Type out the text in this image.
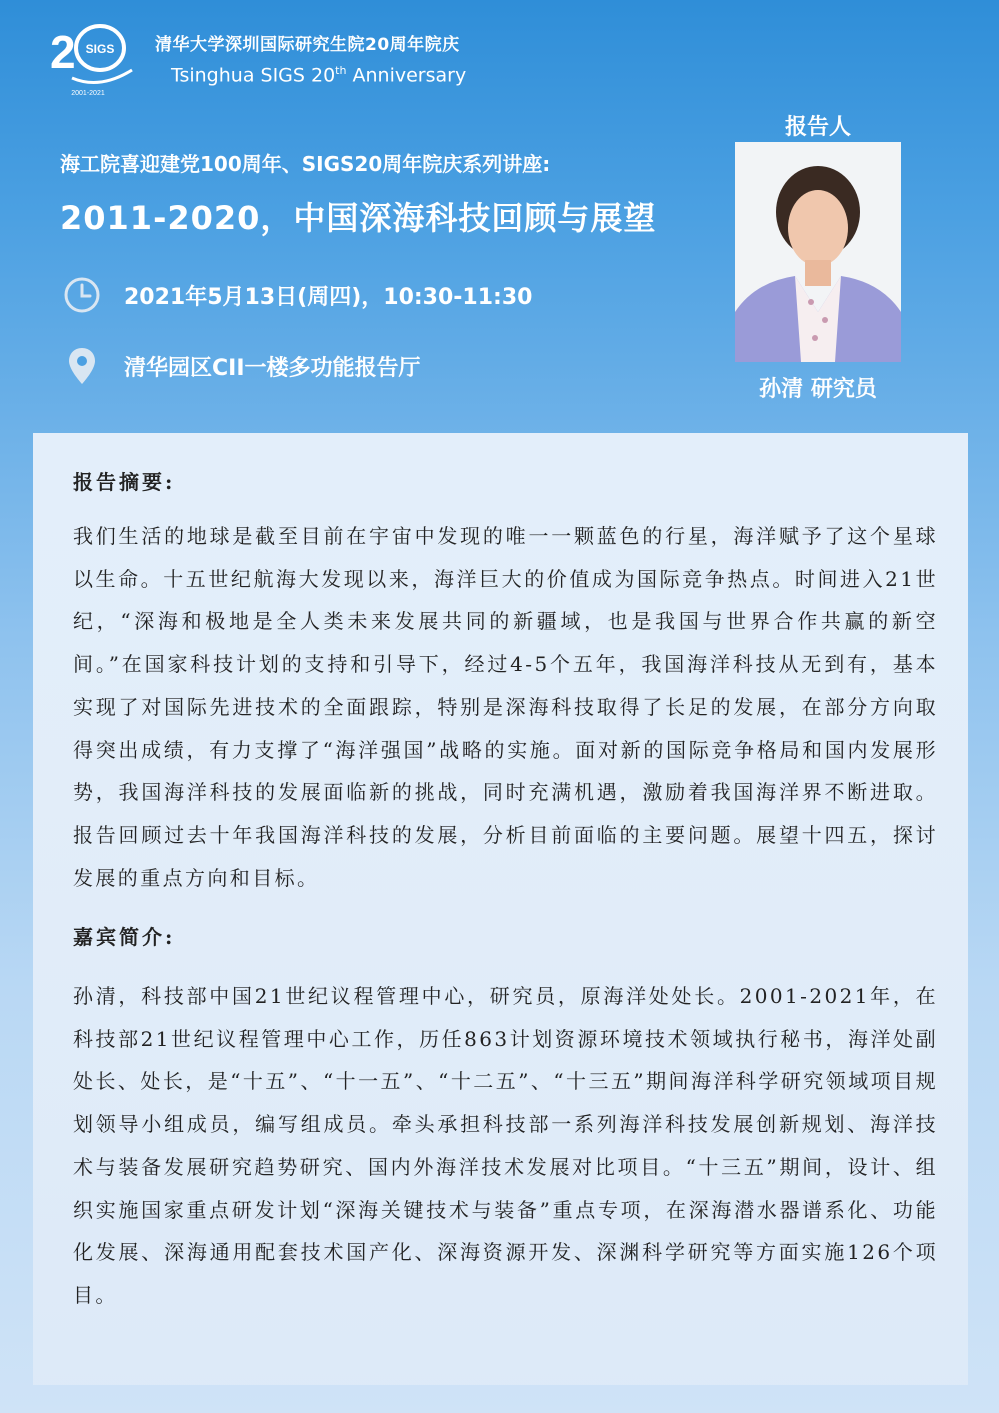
2 SIGS
2001-2021
清华大学深圳国际研究生院20周年院庆
Tsinghua SIGS 20th Anniversary
海工院喜迎建党100周年、SIGS20周年院庆系列讲座:
2011-2020，中国深海科技回顾与展望
2021年5月13日(周四)，10:30-11:30
清华园区CII一楼多功能报告厅
报告人
孙清 研究员
报告摘要:

我们生活的地球是截至目前在宇宙中发现的唯一一颗蓝色的行星，海洋赋予了这个星球以生命。十五世纪航海大发现以来，海洋巨大的价值成为国际竞争热点。时间进入21世纪，“深海和极地是全人类未来发展共同的新疆域，也是我国与世界合作共赢的新空间。”在国家科技计划的支持和引导下，经过4-5个五年，我国海洋科技从无到有，基本实现了对国际先进技术的全面跟踪，特别是深海科技取得了长足的发展，在部分方向取得突出成绩，有力支撑了“海洋强国”战略的实施。面对新的国际竞争格局和国内发展形势，我国海洋科技的发展面临新的挑战，同时充满机遇，激励着我国海洋界不断进取。报告回顾过去十年我国海洋科技的发展，分析目前面临的主要问题。展望十四五，探讨发展的重点方向和目标。

嘉宾简介:

孙清，科技部中国21世纪议程管理中心，研究员，原海洋处处长。2001-2021年，在科技部21世纪议程管理中心工作，历任863计划资源环境技术领域执行秘书，海洋处副处长、处长，是“十五”、“十一五”、“十二五”、“十三五”期间海洋科学研究领域项目规划领导小组成员，编写组成员。牵头承担科技部一系列海洋科技发展创新规划、海洋技术与装备发展研究趋势研究、国内外海洋技术发展对比项目。“十三五”期间，设计、组织实施国家重点研发计划“深海关键技术与装备”重点专项，在深海潜水器谱系化、功能化发展、深海通用配套技术国产化、深海资源开发、深渊科学研究等方面实施126个项目。
